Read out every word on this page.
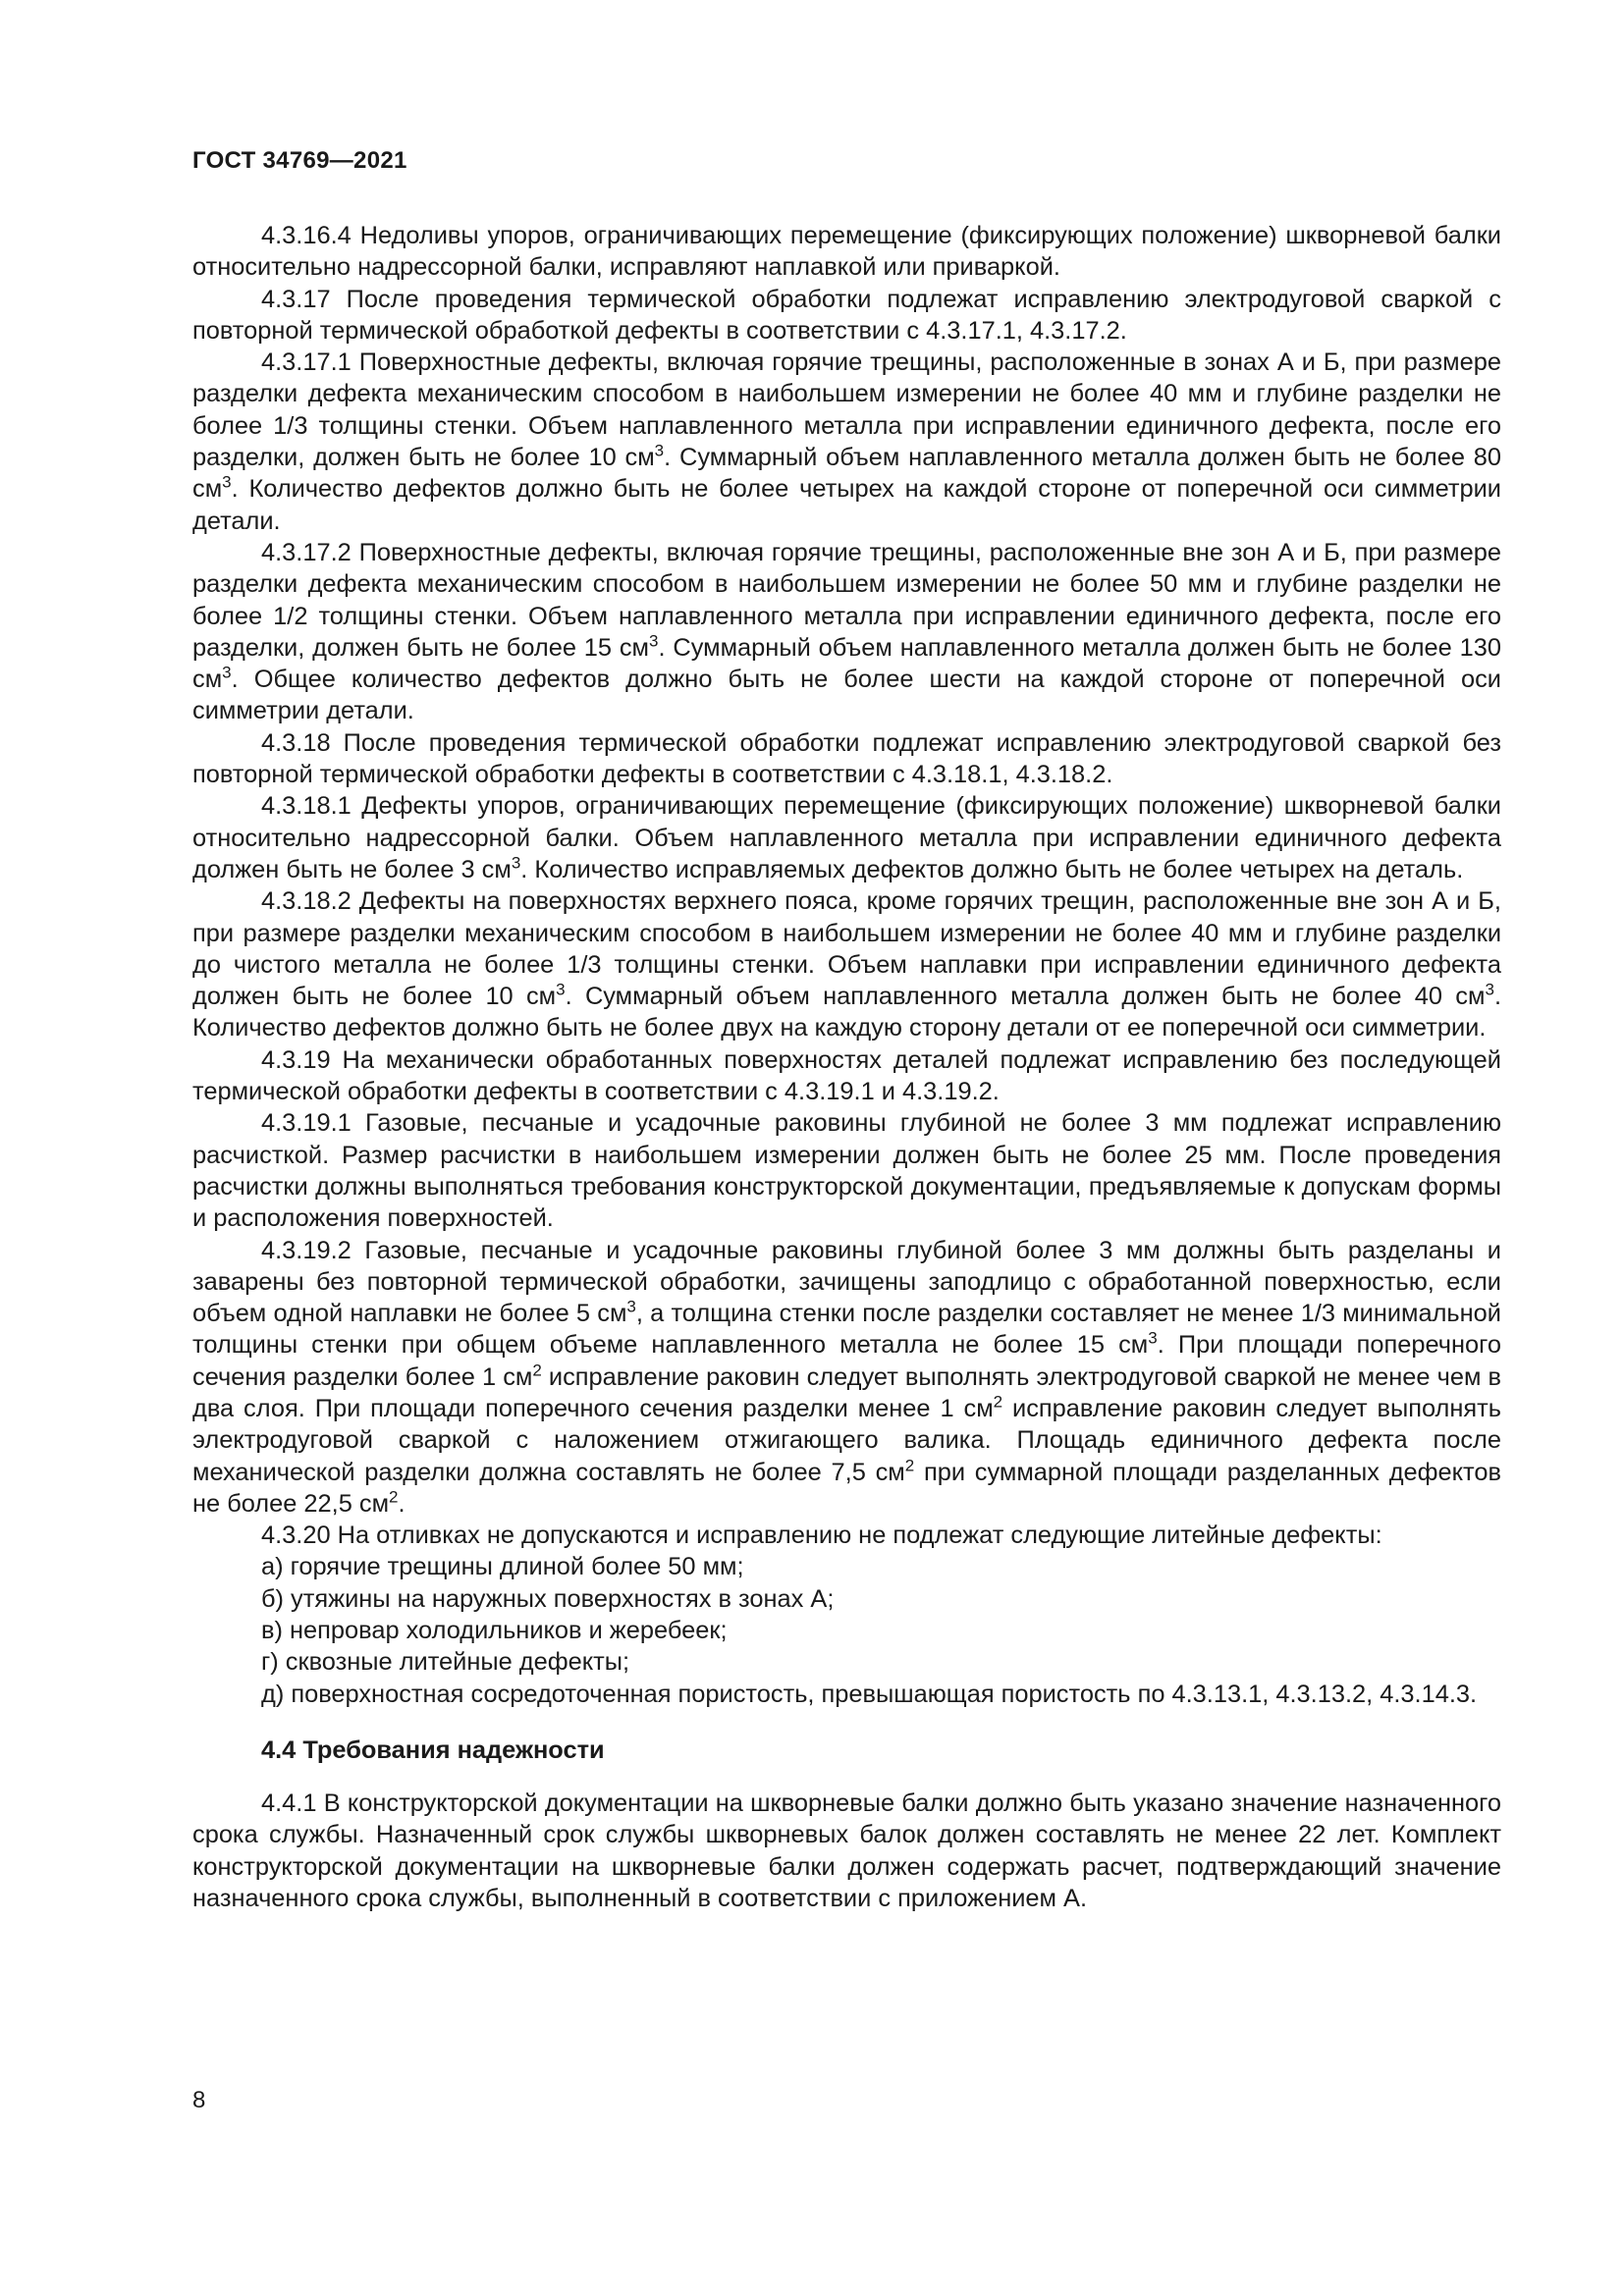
ГОСТ 34769—2021

4.3.16.4 Недоливы упоров, ограничивающих перемещение (фиксирующих положение) шкворневой балки относительно надрессорной балки, исправляют наплавкой или приваркой.

4.3.17 После проведения термической обработки подлежат исправлению электродуговой сваркой с повторной термической обработкой дефекты в соответствии с 4.3.17.1, 4.3.17.2.

4.3.17.1 Поверхностные дефекты, включая горячие трещины, расположенные в зонах А и Б, при размере разделки дефекта механическим способом в наибольшем измерении не более 40 мм и глубине разделки не более 1/3 толщины стенки. Объем наплавленного металла при исправлении единичного дефекта, после его разделки, должен быть не более 10 $см^3$. Суммарный объем наплавленного металла должен быть не более 80 $см^3$. Количество дефектов должно быть не более четырех на каждой стороне от поперечной оси симметрии детали.

4.3.17.2 Поверхностные дефекты, включая горячие трещины, расположенные вне зон А и Б, при размере разделки дефекта механическим способом в наибольшем измерении не более 50 мм и глубине разделки не более 1/2 толщины стенки. Объем наплавленного металла при исправлении единичного дефекта, после его разделки, должен быть не более 15 $см^3$. Суммарный объем наплавленного металла должен быть не более 130 $см^3$. Общее количество дефектов должно быть не более шести на каждой стороне от поперечной оси симметрии детали.

4.3.18 После проведения термической обработки подлежат исправлению электродуговой сваркой без повторной термической обработки дефекты в соответствии с 4.3.18.1, 4.3.18.2.

4.3.18.1 Дефекты упоров, ограничивающих перемещение (фиксирующих положение) шкворневой балки относительно надрессорной балки. Объем наплавленного металла при исправлении единичного дефекта должен быть не более 3 $см^3$. Количество исправляемых дефектов должно быть не более четырех на деталь.

4.3.18.2 Дефекты на поверхностях верхнего пояса, кроме горячих трещин, расположенные вне зон А и Б, при размере разделки механическим способом в наибольшем измерении не более 40 мм и глубине разделки до чистого металла не более 1/3 толщины стенки. Объем наплавки при исправлении единичного дефекта должен быть не более 10 $см^3$. Суммарный объем наплавленного металла должен быть не более 40 $см^3$. Количество дефектов должно быть не более двух на каждую сторону детали от ее поперечной оси симметрии.

4.3.19 На механически обработанных поверхностях деталей подлежат исправлению без последующей термической обработки дефекты в соответствии с 4.3.19.1 и 4.3.19.2.

4.3.19.1 Газовые, песчаные и усадочные раковины глубиной не более 3 мм подлежат исправлению расчисткой. Размер расчистки в наибольшем измерении должен быть не более 25 мм. После проведения расчистки должны выполняться требования конструкторской документации, предъявляемые к допускам формы и расположения поверхностей.

4.3.19.2 Газовые, песчаные и усадочные раковины глубиной более 3 мм должны быть разделаны и заварены без повторной термической обработки, зачищены заподлицо с обработанной поверхностью, если объем одной наплавки не более 5 $см^3$, а толщина стенки после разделки составляет не менее 1/3 минимальной толщины стенки при общем объеме наплавленного металла не более 15 $см^3$. При площади поперечного сечения разделки более 1 $см^2$ исправление раковин следует выполнять электродуговой сваркой не менее чем в два слоя. При площади поперечного сечения разделки менее 1 $см^2$ исправление раковин следует выполнять электродуговой сваркой с наложением отжигающего валика. Площадь единичного дефекта после механической разделки должна составлять не более 7,5 $см^2$ при суммарной площади разделанных дефектов не более 22,5 $см^2$.

4.3.20 На отливках не допускаются и исправлению не подлежат следующие литейные дефекты:

а) горячие трещины длиной более 50 мм;

б) утяжины на наружных поверхностях в зонах А;

в) непровар холодильников и жеребеек;

г) сквозные литейные дефекты;

д) поверхностная сосредоточенная пористость, превышающая пористость по 4.3.13.1, 4.3.13.2, 4.3.14.3.

4.4 Требования надежности

4.4.1 В конструкторской документации на шкворневые балки должно быть указано значение назначенного срока службы. Назначенный срок службы шкворневых балок должен составлять не менее 22 лет. Комплект конструкторской документации на шкворневые балки должен содержать расчет, подтверждающий значение назначенного срока службы, выполненный в соответствии с приложением А.

8
